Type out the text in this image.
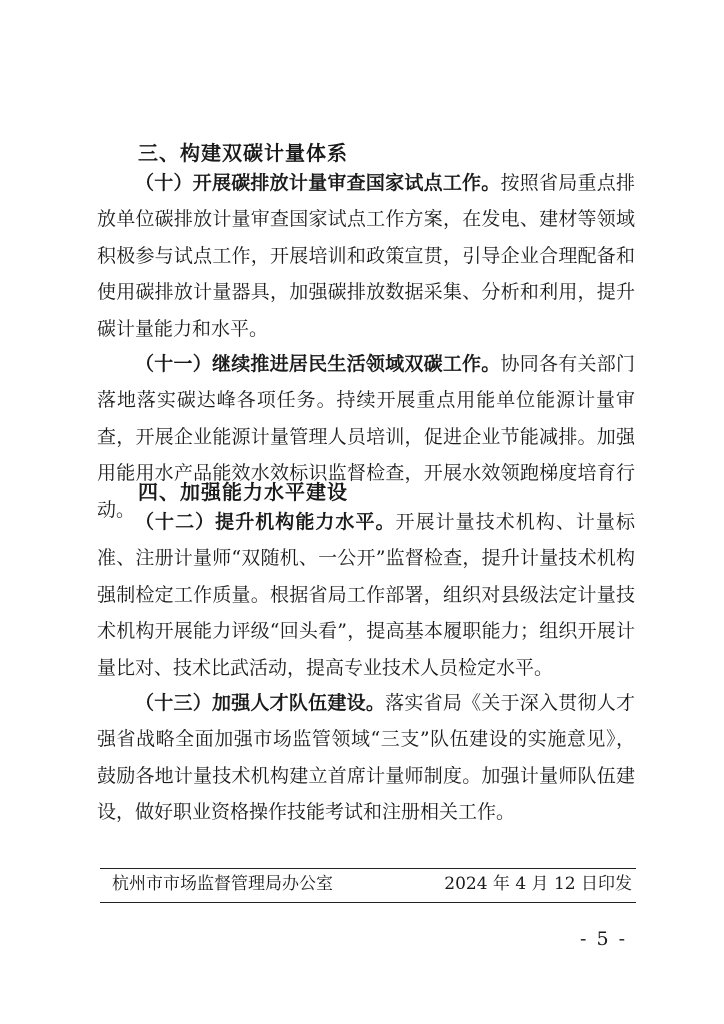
三、构建双碳计量体系
（十）开展碳排放计量审查国家试点工作。按照省局重点排放单位碳排放计量审查国家试点工作方案，在发电、建材等领域积极参与试点工作，开展培训和政策宣贯，引导企业合理配备和使用碳排放计量器具，加强碳排放数据采集、分析和利用，提升碳计量能力和水平。
（十一）继续推进居民生活领域双碳工作。协同各有关部门落地落实碳达峰各项任务。持续开展重点用能单位能源计量审查，开展企业能源计量管理人员培训，促进企业节能减排。加强用能用水产品能效水效标识监督检查，开展水效领跑梯度培育行动。
四、加强能力水平建设
（十二）提升机构能力水平。开展计量技术机构、计量标准、注册计量师“双随机、一公开”监督检查，提升计量技术机构强制检定工作质量。根据省局工作部署，组织对县级法定计量技术机构开展能力评级“回头看”，提高基本履职能力；组织开展计量比对、技术比武活动，提高专业技术人员检定水平。
（十三）加强人才队伍建设。落实省局《关于深入贯彻人才强省战略全面加强市场监管领域“三支”队伍建设的实施意见》，鼓励各地计量技术机构建立首席计量师制度。加强计量师队伍建设，做好职业资格操作技能考试和注册相关工作。
杭州市市场监督管理局办公室	2024 年 4 月 12 日印发
- 5 -
